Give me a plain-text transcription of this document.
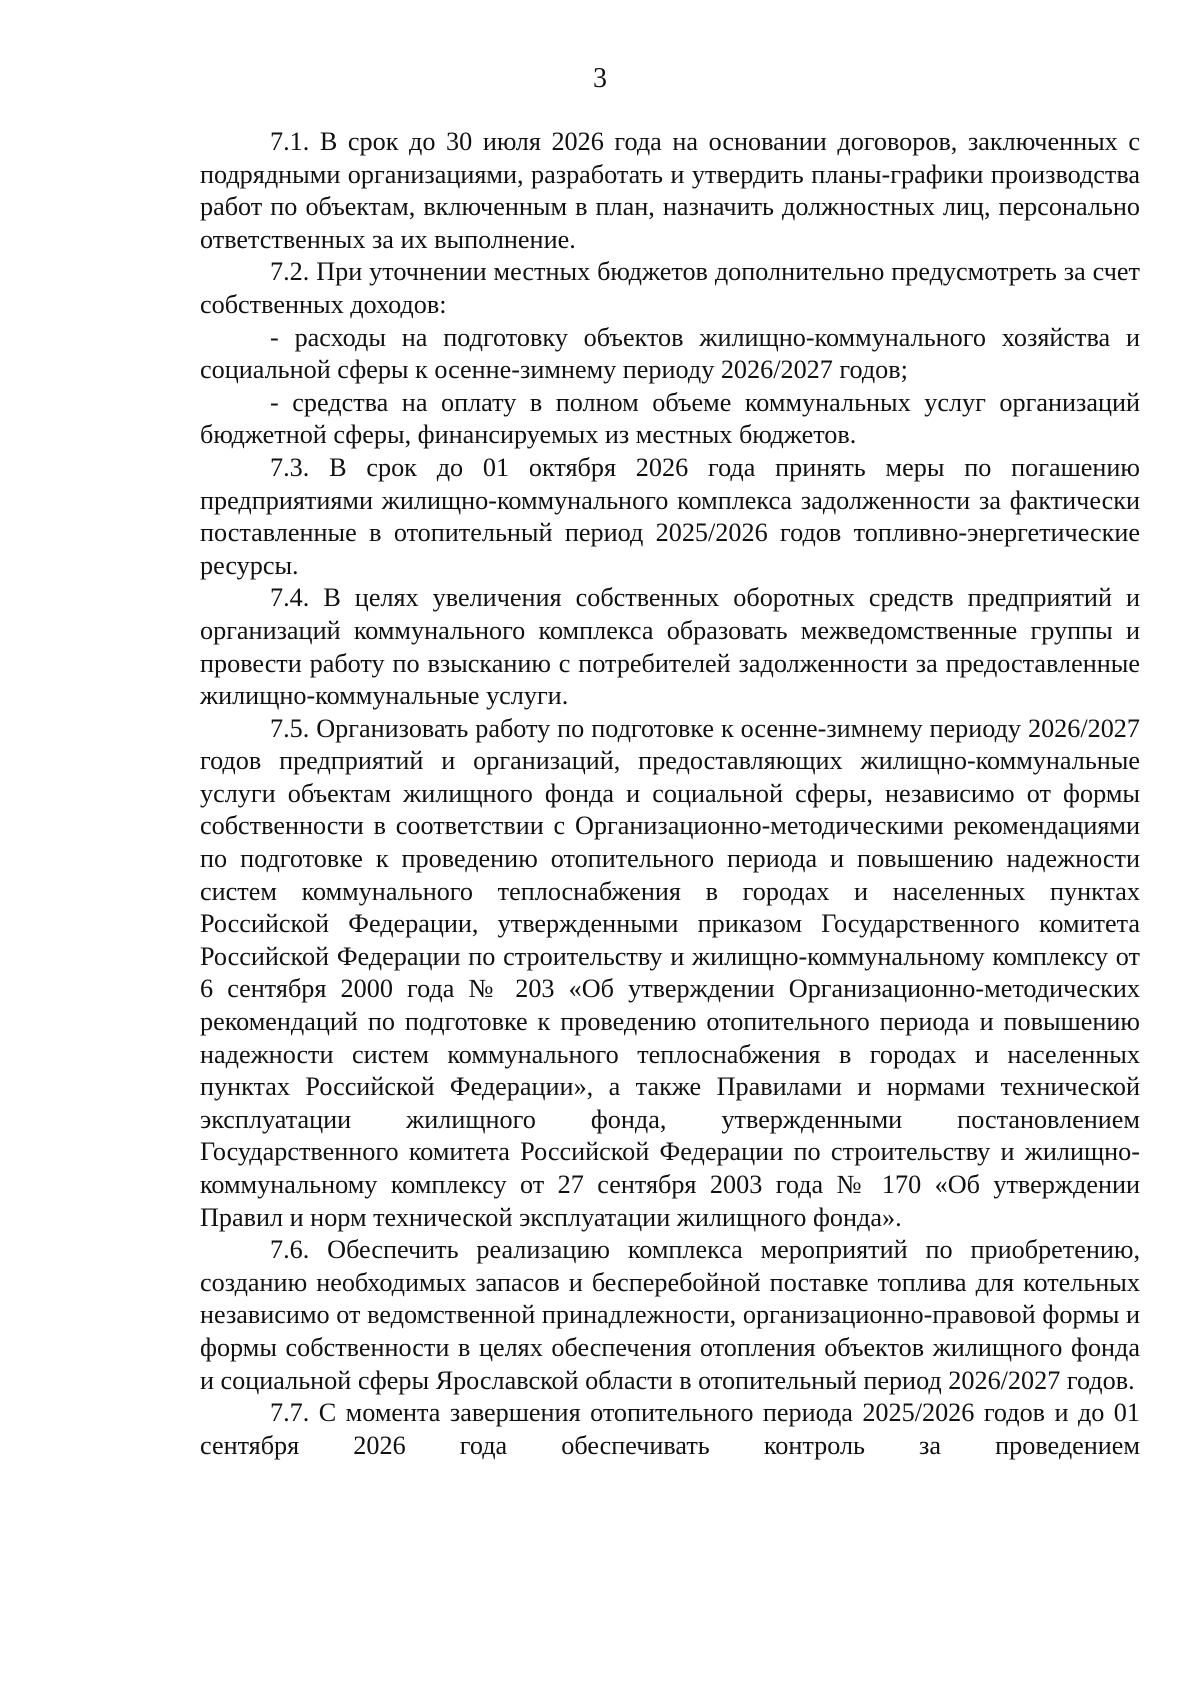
3

7.1. В срок до 30 июля 2026 года на основании договоров, заключенных с подрядными организациями, разработать и утвердить планы-графики производства работ по объектам, включенным в план, назначить должностных лиц, персонально ответственных за их выполнение.

7.2. При уточнении местных бюджетов дополнительно предусмотреть за счет собственных доходов:

- расходы на подготовку объектов жилищно-коммунального хозяйства и социальной сферы к осенне-зимнему периоду 2026/2027 годов;

- средства на оплату в полном объеме коммунальных услуг организаций бюджетной сферы, финансируемых из местных бюджетов.

7.3. В срок до 01 октября 2026 года принять меры по погашению предприятиями жилищно-коммунального комплекса задолженности за фактически поставленные в отопительный период 2025/2026 годов топливно-энергетические ресурсы.

7.4. В целях увеличения собственных оборотных средств предприятий и организаций коммунального комплекса образовать межведомственные группы и провести работу по взысканию с потребителей задолженности за предоставленные жилищно-коммунальные услуги.

7.5. Организовать работу по подготовке к осенне-зимнему периоду 2026/2027 годов предприятий и организаций, предоставляющих жилищно-коммунальные услуги объектам жилищного фонда и социальной сферы, независимо от формы собственности в соответствии с Организационно-методическими рекомендациями по подготовке к проведению отопительного периода и повышению надежности систем коммунального теплоснабжения в городах и населенных пунктах Российской Федерации, утвержденными приказом Государственного комитета Российской Федерации по строительству и жилищно-коммунальному комплексу от 6 сентября 2000 года № 203 «Об утверждении Организационно-методических рекомендаций по подготовке к проведению отопительного периода и повышению надежности систем коммунального теплоснабжения в городах и населенных пунктах Российской Федерации», а также Правилами и нормами технической эксплуатации жилищного фонда, утвержденными постановлением Государственного комитета Российской Федерации по строительству и жилищно-коммунальному комплексу от 27 сентября 2003 года № 170 «Об утверждении Правил и норм технической эксплуатации жилищного фонда».

7.6. Обеспечить реализацию комплекса мероприятий по приобретению, созданию необходимых запасов и бесперебойной поставке топлива для котельных независимо от ведомственной принадлежности, организационно-правовой формы и формы собственности в целях обеспечения отопления объектов жилищного фонда и социальной сферы Ярославской области в отопительный период 2026/2027 годов.

7.7. С момента завершения отопительного периода 2025/2026 годов и до 01 сентября 2026 года обеспечивать контроль за проведением
